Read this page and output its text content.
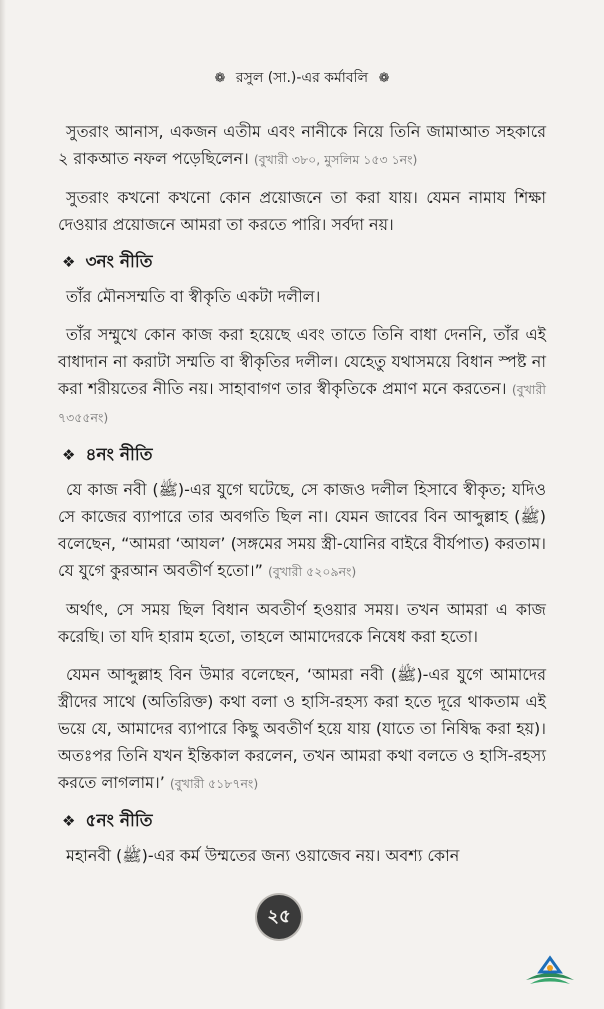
❁ রসুল (সা.)-এর কর্মাবলি ❁

সুতরাং আনাস, একজন এতীম এবং নানীকে নিয়ে তিনি জামাআত সহকারে ২ রাকআত নফল পড়েছিলেন। (বুখারী ৩৮০, মুসলিম ১৫৩ ১নং)

সুতরাং কখনো কখনো কোন প্রয়োজনে তা করা যায়। যেমন নামায শিক্ষা দেওয়ার প্রয়োজনে আমরা তা করতে পারি। সর্বদা নয়।

❖ ৩নং নীতি

তাঁর মৌনসম্মতি বা স্বীকৃতি একটা দলীল।

তাঁর সম্মুখে কোন কাজ করা হয়েছে এবং তাতে তিনি বাধা দেননি, তাঁর এই বাধাদান না করাটা সম্মতি বা স্বীকৃতির দলীল। যেহেতু যথাসময়ে বিধান স্পষ্ট না করা শরীয়তের নীতি নয়। সাহাবাগণ তার স্বীকৃতিকে প্রমাণ মনে করতেন। (বুখারী ৭৩৫৫নং)

❖ ৪নং নীতি

যে কাজ নবী (ﷺ)-এর যুগে ঘটেছে, সে কাজও দলীল হিসাবে স্বীকৃত; যদিও সে কাজের ব্যাপারে তার অবগতি ছিল না। যেমন জাবের বিন আব্দুল্লাহ (ﷺ) বলেছেন, “আমরা ‘আযল’ (সঙ্গমের সময় স্ত্রী-যোনির বাইরে বীর্যপাত) করতাম। যে যুগে কুরআন অবতীর্ণ হতো।” (বুখারী ৫২০৯নং)

অর্থাৎ, সে সময় ছিল বিধান অবতীর্ণ হওয়ার সময়। তখন আমরা এ কাজ করেছি। তা যদি হারাম হতো, তাহলে আমাদেরকে নিষেধ করা হতো।

যেমন আব্দুল্লাহ বিন উমার বলেছেন, ‘আমরা নবী (ﷺ)-এর যুগে আমাদের স্ত্রীদের সাথে (অতিরিক্ত) কথা বলা ও হাসি-রহস্য করা হতে দূরে থাকতাম এই ভয়ে যে, আমাদের ব্যাপারে কিছু অবতীর্ণ হয়ে যায় (যাতে তা নিষিদ্ধ করা হয়)। অতঃপর তিনি যখন ইন্তিকাল করলেন, তখন আমরা কথা বলতে ও হাসি-রহস্য করতে লাগলাম।’ (বুখারী ৫১৮৭নং)

❖ ৫নং নীতি

মহানবী (ﷺ)-এর কর্ম উম্মতের জন্য ওয়াজেব নয়। অবশ্য কোন

২৫
